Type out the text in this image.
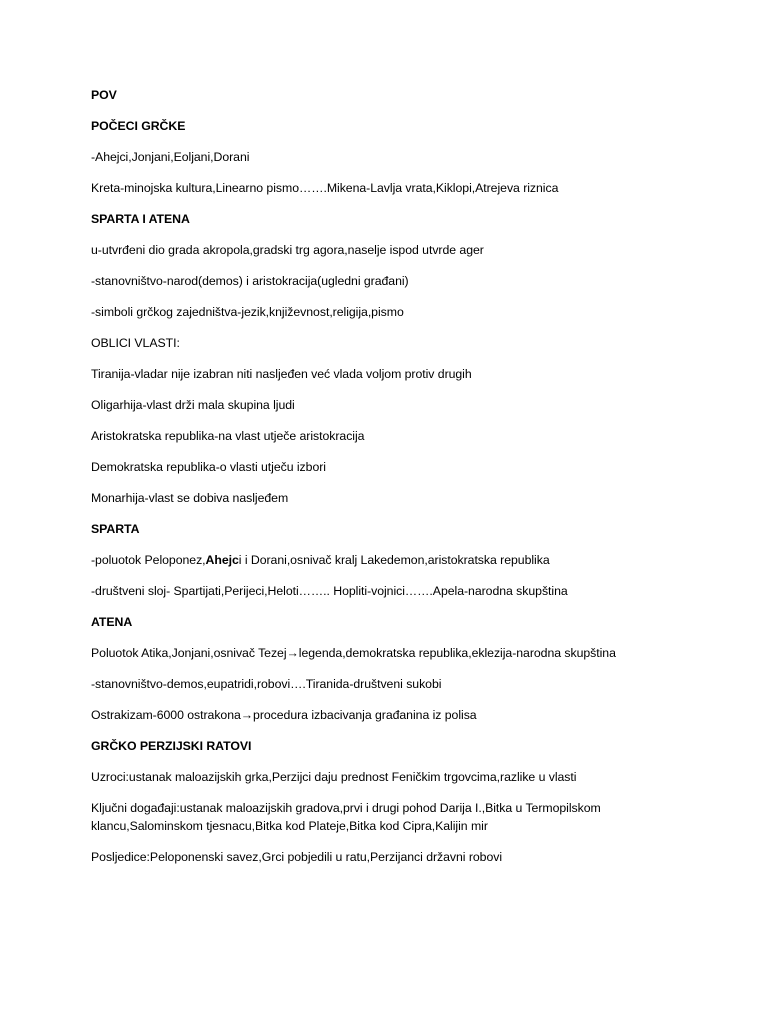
POV
POČECI GRČKE
-Ahejci,Jonjani,Eoljani,Dorani
Kreta-minojska kultura,Linearno pismo…….Mikena-Lavlja vrata,Kiklopi,Atrejeva riznica
SPARTA I ATENA
u-utvrđeni dio grada akropola,gradski trg agora,naselje ispod utvrde ager
-stanovništvo-narod(demos) i aristokracija(ugledni građani)
-simboli grčkog zajedništva-jezik,književnost,religija,pismo
OBLICI VLASTI:
Tiranija-vladar nije izabran niti nasljeđen već vlada voljom protiv drugih
Oligarhija-vlast drži mala skupina ljudi
Aristokratska republika-na vlast utječe aristokracija
Demokratska republika-o vlasti utječu izbori
Monarhija-vlast se dobiva nasljeđem
SPARTA
-poluotok Peloponez,Ahejci i Dorani,osnivač kralj Lakedemon,aristokratska republika
-društveni sloj- Spartijati,Perijeci,Heloti…….. Hopliti-vojnici…….Apela-narodna skupština
ATENA
Poluotok Atika,Jonjani,osnivač Tezej→legenda,demokratska republika,eklezija-narodna skupština
-stanovništvo-demos,eupatridi,robovi….Tiranida-društveni sukobi
Ostrakizam-6000 ostrakona→procedura izbacivanja građanina iz polisa
GRČKO PERZIJSKI RATOVI
Uzroci:ustanak maloazijskih grka,Perzijci daju prednost Feničkim trgovcima,razlike u vlasti
Ključni događaji:ustanak maloazijskih gradova,prvi i drugi pohod Darija I.,Bitka u Termopilskom klancu,Salominskom tjesnacu,Bitka kod Plateje,Bitka kod Cipra,Kalijin mir
Posljedice:Peloponenski savez,Grci pobjedili u ratu,Perzijanci državni robovi
